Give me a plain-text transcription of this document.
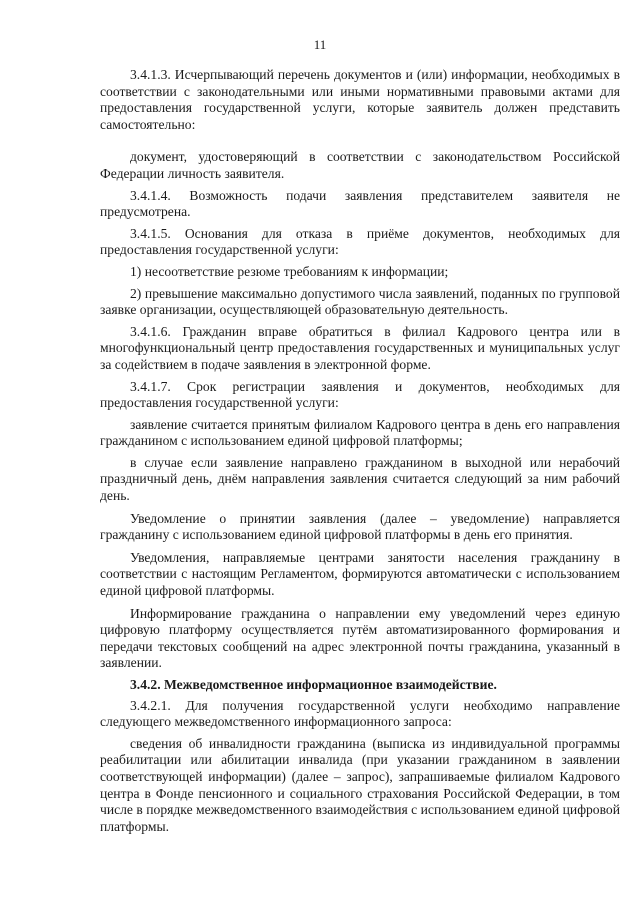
11

3.4.1.3. Исчерпывающий перечень документов и (или) информации, необходимых в соответствии с законодательными или иными нормативными правовыми актами для предоставления государственной услуги, которые заявитель должен представить самостоятельно:

документ, удостоверяющий в соответствии с законодательством Российской Федерации личность заявителя.

3.4.1.4. Возможность подачи заявления представителем заявителя не предусмотрена.

3.4.1.5. Основания для отказа в приёме документов, необходимых для предоставления государственной услуги:

1) несоответствие резюме требованиям к информации;

2) превышение максимально допустимого числа заявлений, поданных по групповой заявке организации, осуществляющей образовательную деятельность.

3.4.1.6. Гражданин вправе обратиться в филиал Кадрового центра или в многофункциональный центр предоставления государственных и муниципальных услуг за содействием в подаче заявления в электронной форме.

3.4.1.7. Срок регистрации заявления и документов, необходимых для предоставления государственной услуги:

заявление считается принятым филиалом Кадрового центра в день его направления гражданином с использованием единой цифровой платформы;

в случае если заявление направлено гражданином в выходной или нерабочий праздничный день, днём направления заявления считается следующий за ним рабочий день.

Уведомление о принятии заявления (далее – уведомление) направляется гражданину с использованием единой цифровой платформы в день его принятия.

Уведомления, направляемые центрами занятости населения гражданину в соответствии с настоящим Регламентом, формируются автоматически с использованием единой цифровой платформы.

Информирование гражданина о направлении ему уведомлений через единую цифровую платформу осуществляется путём автоматизированного формирования и передачи текстовых сообщений на адрес электронной почты гражданина, указанный в заявлении.

3.4.2. Межведомственное информационное взаимодействие.

3.4.2.1. Для получения государственной услуги необходимо направление следующего межведомственного информационного запроса:

сведения об инвалидности гражданина (выписка из индивидуальной программы реабилитации или абилитации инвалида (при указании гражданином в заявлении соответствующей информации) (далее – запрос), запрашиваемые филиалом Кадрового центра в Фонде пенсионного и социального страхования Российской Федерации, в том числе в порядке межведомственного взаимодействия с использованием единой цифровой платформы.
